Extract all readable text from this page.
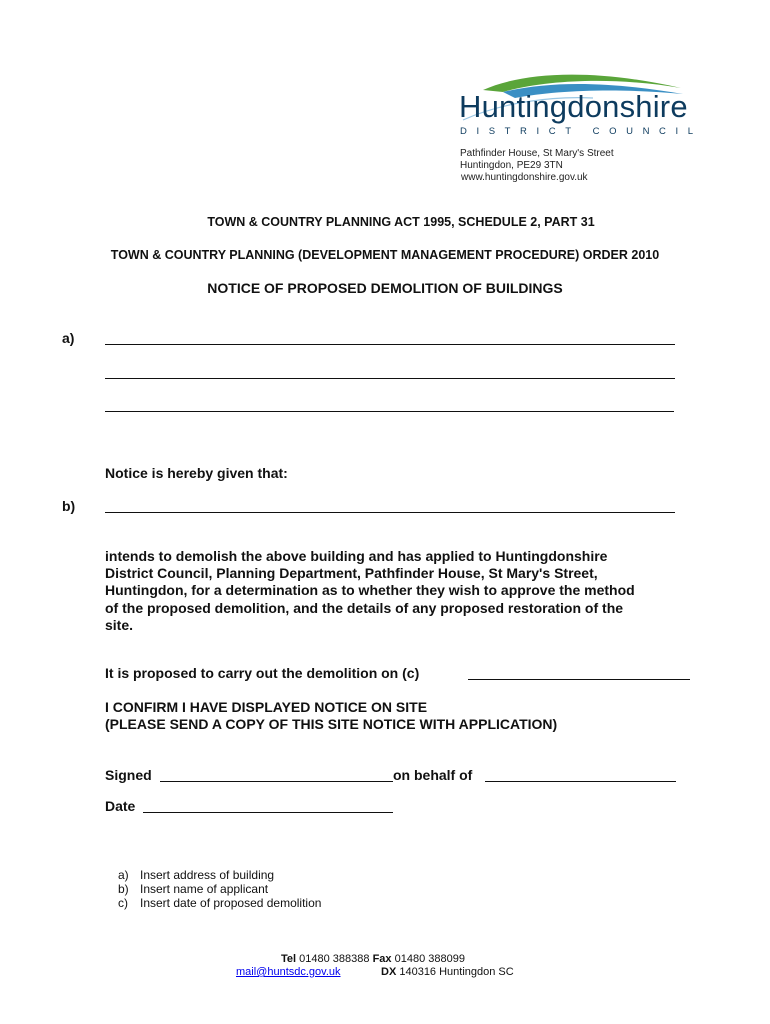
Huntingdonshire
DISTRICT COUNCIL
Pathfinder House, St Mary's Street
Huntingdon, PE29 3TN
www.huntingdonshire.gov.uk
TOWN & COUNTRY PLANNING ACT 1995, SCHEDULE 2, PART 31
TOWN & COUNTRY PLANNING (DEVELOPMENT MANAGEMENT PROCEDURE) ORDER 2010
NOTICE OF PROPOSED DEMOLITION OF BUILDINGS
a)
Notice is hereby given that:
b)
intends to demolish the above building and has applied to Huntingdonshire
District Council, Planning Department, Pathfinder House, St Mary's Street,
Huntingdon, for a determination as to whether they wish to approve the method
of the proposed demolition, and the details of any proposed restoration of the
site.
It is proposed to carry out the demolition on (c)
I CONFIRM I HAVE DISPLAYED NOTICE ON SITE
(PLEASE SEND A COPY OF THIS SITE NOTICE WITH APPLICATION)
Signed	on behalf of
Date
a) Insert address of building
b) Insert name of applicant
c) Insert date of proposed demolition
Tel 01480 388388 Fax 01480 388099
mail@huntsdc.gov.uk	DX 140316 Huntingdon SC
